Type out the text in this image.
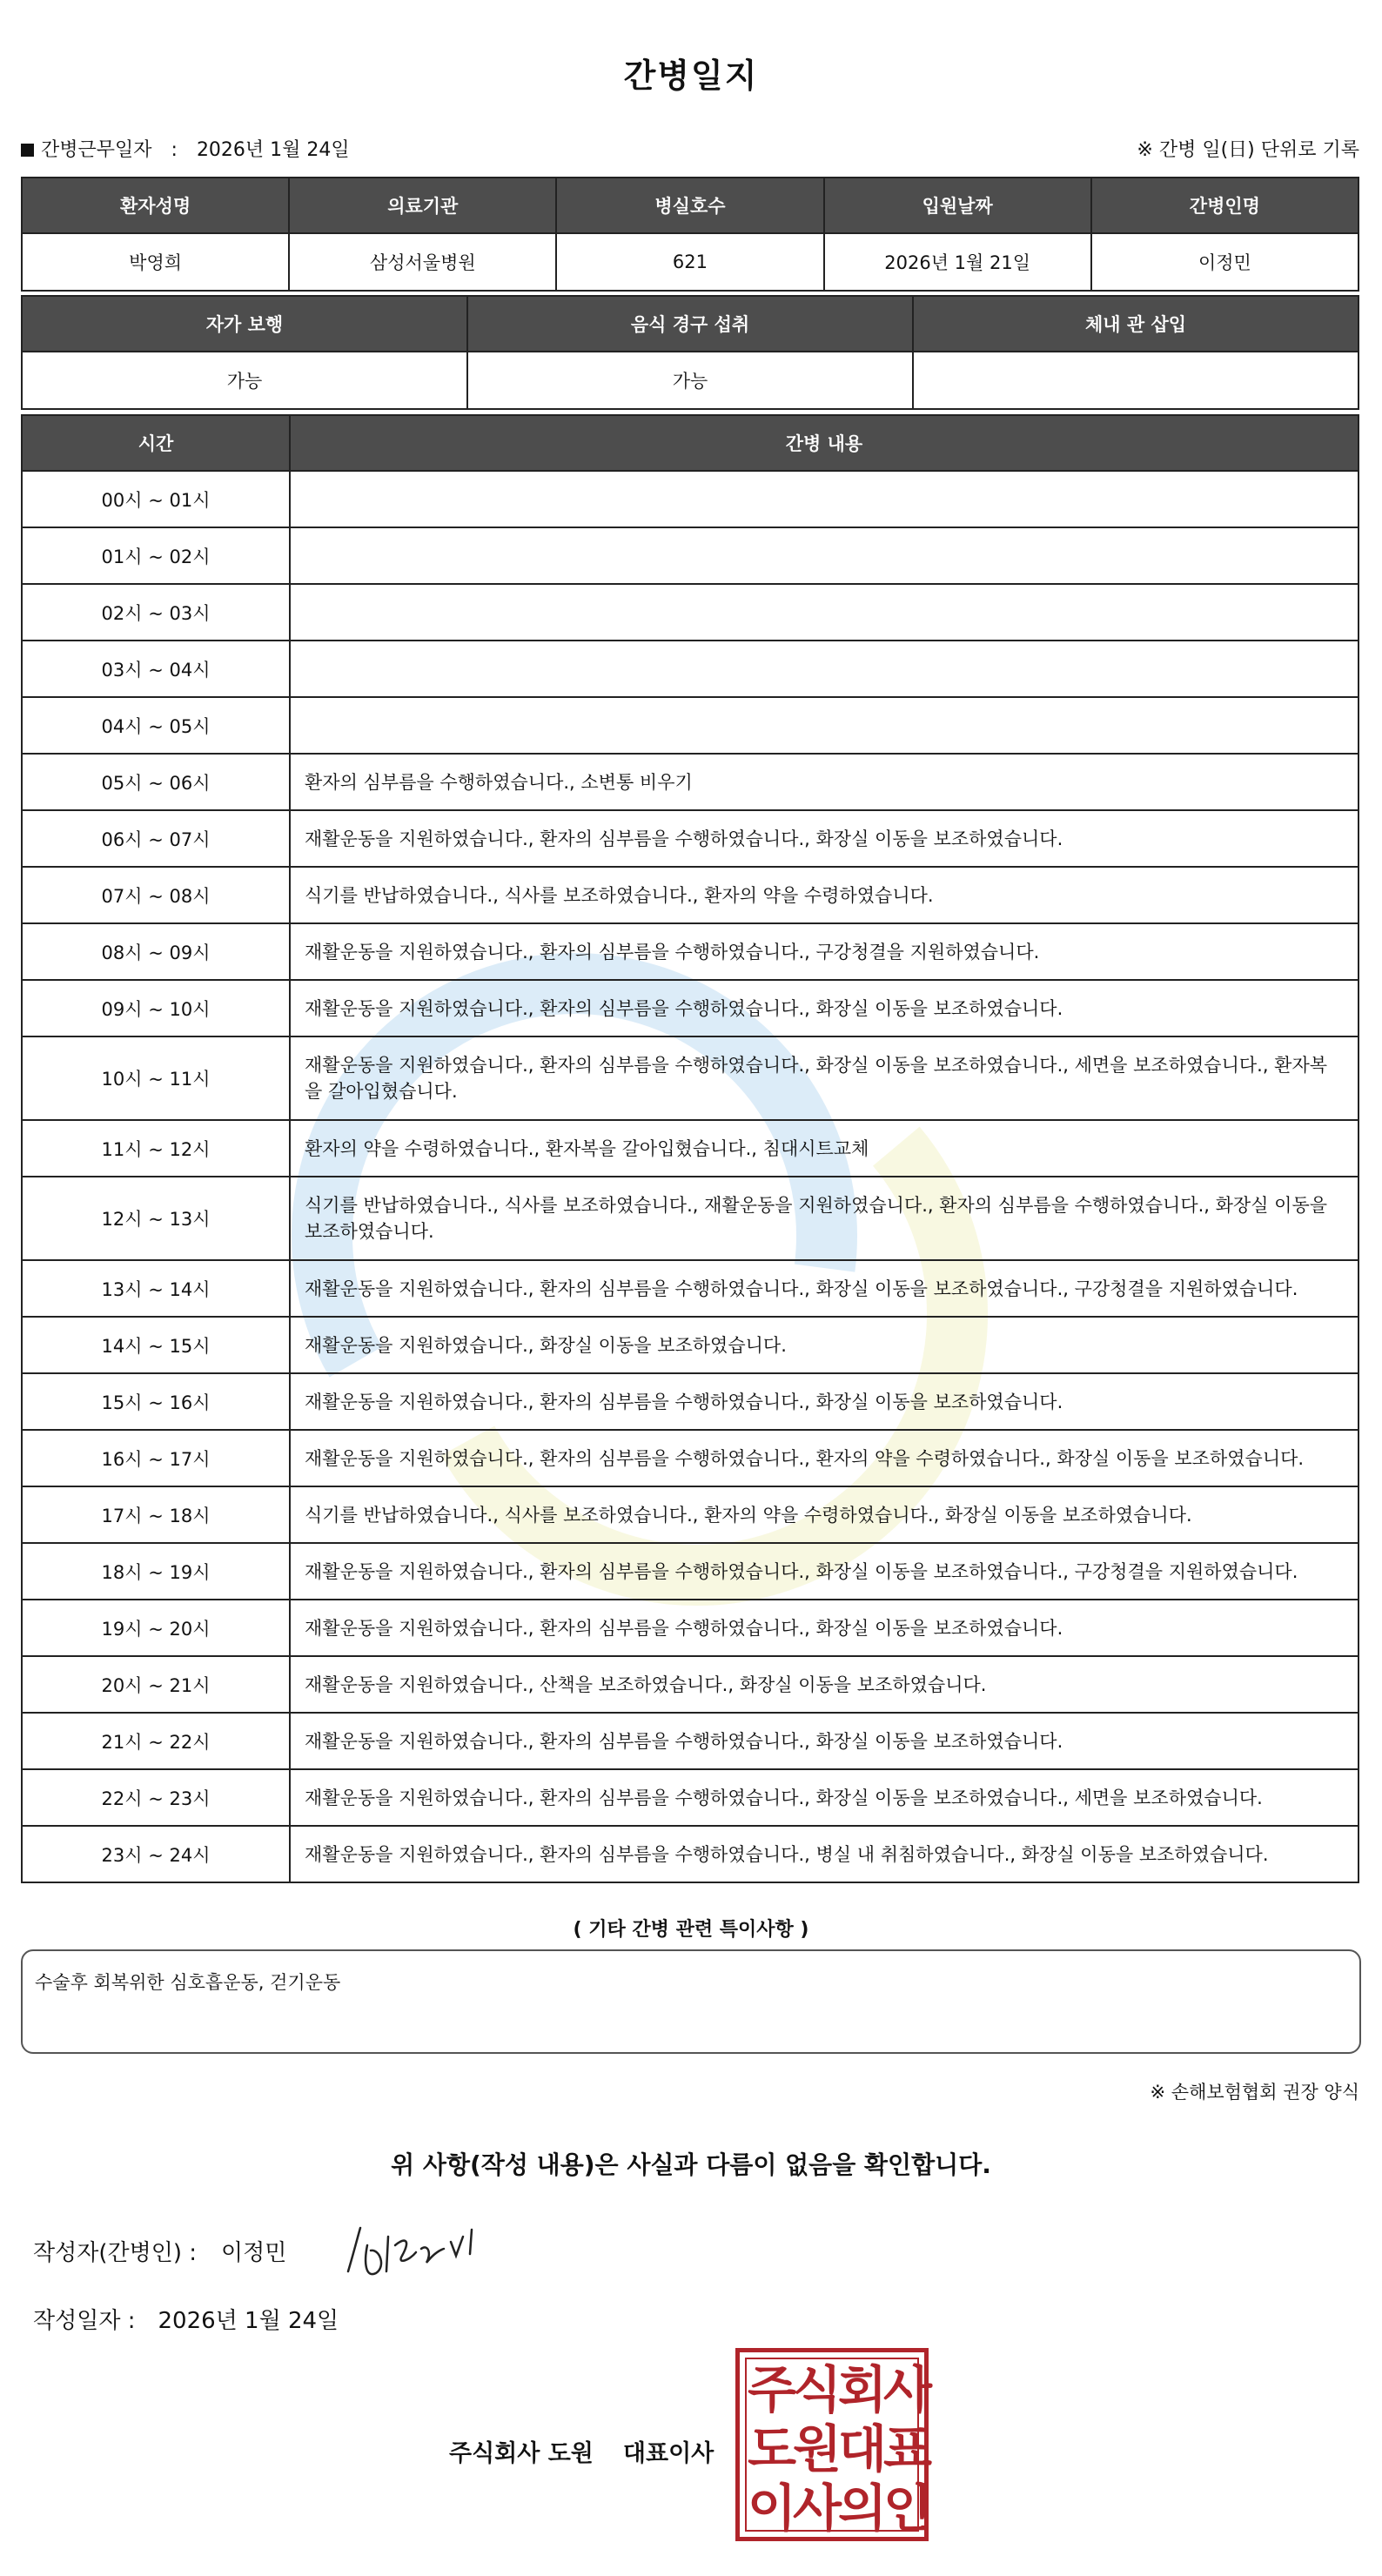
간병일지
간병근무일자 : 2026년 1월 24일	※ 간병 일(日) 단위로 기록
환자성명	의료기관	병실호수	입원날짜	간병인명
박영희	삼성서울병원	621	2026년 1월 21일	이정민
자가 보행	음식 경구 섭취	체내 관 삽입
가능	가능	
시간	간병 내용
00시 ~ 01시	
01시 ~ 02시	
02시 ~ 03시	
03시 ~ 04시	
04시 ~ 05시	
05시 ~ 06시	환자의 심부름을 수행하였습니다., 소변통 비우기
06시 ~ 07시	재활운동을 지원하였습니다., 환자의 심부름을 수행하였습니다., 화장실 이동을 보조하였습니다.
07시 ~ 08시	식기를 반납하였습니다., 식사를 보조하였습니다., 환자의 약을 수령하였습니다.
08시 ~ 09시	재활운동을 지원하였습니다., 환자의 심부름을 수행하였습니다., 구강청결을 지원하였습니다.
09시 ~ 10시	재활운동을 지원하였습니다., 환자의 심부름을 수행하였습니다., 화장실 이동을 보조하였습니다.
10시 ~ 11시	재활운동을 지원하였습니다., 환자의 심부름을 수행하였습니다., 화장실 이동을 보조하였습니다., 세면을 보조하였습니다., 환자복을 갈아입혔습니다.
11시 ~ 12시	환자의 약을 수령하였습니다., 환자복을 갈아입혔습니다., 침대시트교체
12시 ~ 13시	식기를 반납하였습니다., 식사를 보조하였습니다., 재활운동을 지원하였습니다., 환자의 심부름을 수행하였습니다., 화장실 이동을 보조하였습니다.
13시 ~ 14시	재활운동을 지원하였습니다., 환자의 심부름을 수행하였습니다., 화장실 이동을 보조하였습니다., 구강청결을 지원하였습니다.
14시 ~ 15시	재활운동을 지원하였습니다., 화장실 이동을 보조하였습니다.
15시 ~ 16시	재활운동을 지원하였습니다., 환자의 심부름을 수행하였습니다., 화장실 이동을 보조하였습니다.
16시 ~ 17시	재활운동을 지원하였습니다., 환자의 심부름을 수행하였습니다., 환자의 약을 수령하였습니다., 화장실 이동을 보조하였습니다.
17시 ~ 18시	식기를 반납하였습니다., 식사를 보조하였습니다., 환자의 약을 수령하였습니다., 화장실 이동을 보조하였습니다.
18시 ~ 19시	재활운동을 지원하였습니다., 환자의 심부름을 수행하였습니다., 화장실 이동을 보조하였습니다., 구강청결을 지원하였습니다.
19시 ~ 20시	재활운동을 지원하였습니다., 환자의 심부름을 수행하였습니다., 화장실 이동을 보조하였습니다.
20시 ~ 21시	재활운동을 지원하였습니다., 산책을 보조하였습니다., 화장실 이동을 보조하였습니다.
21시 ~ 22시	재활운동을 지원하였습니다., 환자의 심부름을 수행하였습니다., 화장실 이동을 보조하였습니다.
22시 ~ 23시	재활운동을 지원하였습니다., 환자의 심부름을 수행하였습니다., 화장실 이동을 보조하였습니다., 세면을 보조하였습니다.
23시 ~ 24시	재활운동을 지원하였습니다., 환자의 심부름을 수행하였습니다., 병실 내 취침하였습니다., 화장실 이동을 보조하였습니다.
( 기타 간병 관련 특이사항 )
수술후 회복위한 심호흡운동, 걷기운동
※ 손해보험협회 권장 양식
위 사항(작성 내용)은 사실과 다름이 없음을 확인합니다.
작성자(간병인) : 이정민
작성일자 : 2026년 1월 24일
주식회사 도원 대표이사
주식회사
도원대표
이사의인
